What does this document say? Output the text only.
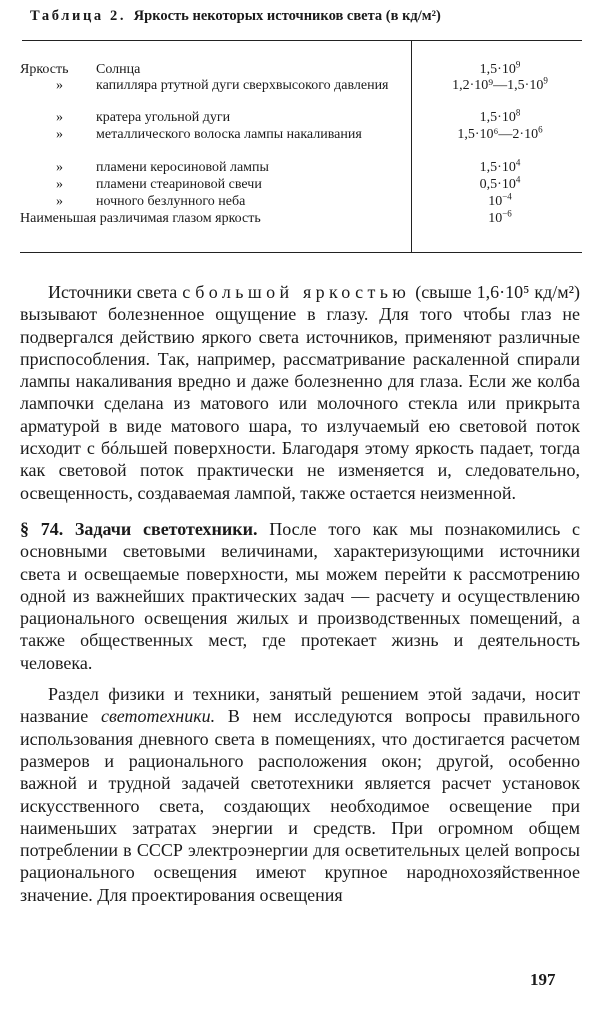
Таблица 2. Яркость некоторых источников света (в кд/м²)
Яркость Солнца	$1,5\cdot 10^9$
» капилляра ртутной дуги сверхвысокого давления	$1,2\cdot 10^9—1,5\cdot 10^9$
» кратера угольной дуги	$1,5\cdot 10^8$
» металлического волоска лампы накаливания	$1,5\cdot 10^6—2\cdot 10^6$
» пламени керосиновой лампы	$1,5\cdot 10^4$
» пламени стеариновой свечи	$0,5\cdot 10^4$
» ночного безлунного неба	$10^{-4}$
Наименьшая различимая глазом яркость	$10^{-6}$

Источники света с большой яркостью (свыше 1,6·10⁵ кд/м²) вызывают болезненное ощущение в глазу. Для того чтобы глаз не подвергался действию яркого света источников, применяют различные приспособления. Так, например, рассматривание раскаленной спирали лампы накаливания вредно и даже болезненно для глаза. Если же колба лампочки сделана из матового или молочного стекла или прикрыта арматурой в виде матового шара, то излучаемый ею световой поток исходит с бóльшей поверхности. Благодаря этому яркость падает, тогда как световой поток практически не изменяется и, следовательно, освещенность, создаваемая лампой, также остается неизменной.

§ 74. Задачи светотехники. После того как мы познакомились с основными световыми величинами, характеризующими источники света и освещаемые поверхности, мы можем перейти к рассмотрению одной из важнейших практических задач — расчету и осуществлению рационального освещения жилых и производственных помещений, а также общественных мест, где протекает жизнь и деятельность человека.

Раздел физики и техники, занятый решением этой задачи, носит название светотехники. В нем исследуются вопросы правильного использования дневного света в помещениях, что достигается расчетом размеров и рационального расположения окон; другой, особенно важной и трудной задачей светотехники является расчет установок искусственного света, создающих необходимое освещение при наименьших затратах энергии и средств. При огромном общем потреблении в СССР электроэнергии для осветительных целей вопросы рационального освещения имеют крупное народнохозяйственное значение. Для проектирования освещения

197
